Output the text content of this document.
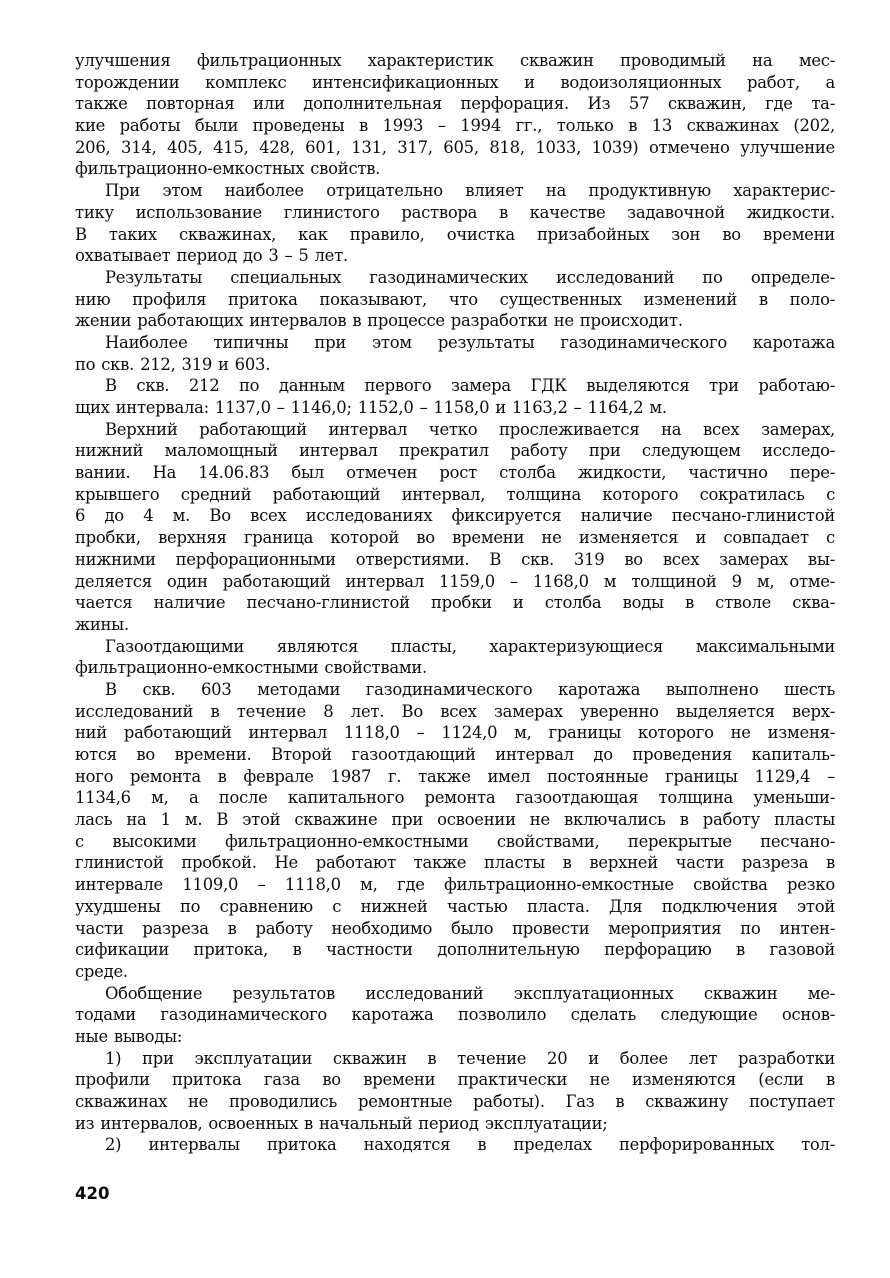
улучшения фильтрационных характеристик скважин проводимый на мес-
торождении комплекс интенсификационных и водоизоляционных работ, а
также повторная или дополнительная перфорация. Из 57 скважин, где та-
кие работы были проведены в 1993 – 1994 гг., только в 13 скважинах (202,
206, 314, 405, 415, 428, 601, 131, 317, 605, 818, 1033, 1039) отмечено улучшение
фильтрационно-емкостных свойств.
При этом наиболее отрицательно влияет на продуктивную характерис-
тику использование глинистого раствора в качестве задавочной жидкости.
В таких скважинах, как правило, очистка призабойных зон во времени
охватывает период до 3 – 5 лет.
Результаты специальных газодинамических исследований по определе-
нию профиля притока показывают, что существенных изменений в поло-
жении работающих интервалов в процессе разработки не происходит.
Наиболее типичны при этом результаты газодинамического каротажа
по скв. 212, 319 и 603.
В скв. 212 по данным первого замера ГДК выделяются три работаю-
щих интервала: 1137,0 – 1146,0; 1152,0 – 1158,0 и 1163,2 – 1164,2 м.
Верхний работающий интервал четко прослеживается на всех замерах,
нижний маломощный интервал прекратил работу при следующем исследо-
вании. На 14.06.83 был отмечен рост столба жидкости, частично пере-
крывшего средний работающий интервал, толщина которого сократилась с
6 до 4 м. Во всех исследованиях фиксируется наличие песчано-глинистой
пробки, верхняя граница которой во времени не изменяется и совпадает с
нижними перфорационными отверстиями. В скв. 319 во всех замерах вы-
деляется один работающий интервал 1159,0 – 1168,0 м толщиной 9 м, отме-
чается наличие песчано-глинистой пробки и столба воды в стволе сква-
жины.
Газоотдающими являются пласты, характеризующиеся максимальными
фильтрационно-емкостными свойствами.
В скв. 603 методами газодинамического каротажа выполнено шесть
исследований в течение 8 лет. Во всех замерах уверенно выделяется верх-
ний работающий интервал 1118,0 – 1124,0 м, границы которого не изменя-
ются во времени. Второй газоотдающий интервал до проведения капиталь-
ного ремонта в феврале 1987 г. также имел постоянные границы 1129,4 –
1134,6 м, а после капитального ремонта газоотдающая толщина уменьши-
лась на 1 м. В этой скважине при освоении не включались в работу пласты
с высокими фильтрационно-емкостными свойствами, перекрытые песчано-
глинистой пробкой. Не работают также пласты в верхней части разреза в
интервале 1109,0 – 1118,0 м, где фильтрационно-емкостные свойства резко
ухудшены по сравнению с нижней частью пласта. Для подключения этой
части разреза в работу необходимо было провести мероприятия по интен-
сификации притока, в частности дополнительную перфорацию в газовой
среде.
Обобщение результатов исследований эксплуатационных скважин ме-
тодами газодинамического каротажа позволило сделать следующие основ-
ные выводы:
1) при эксплуатации скважин в течение 20 и более лет разработки
профили притока газа во времени практически не изменяются (если в
скважинах не проводились ремонтные работы). Газ в скважину поступает
из интервалов, освоенных в начальный период эксплуатации;
2) интервалы притока находятся в пределах перфорированных тол-
420
